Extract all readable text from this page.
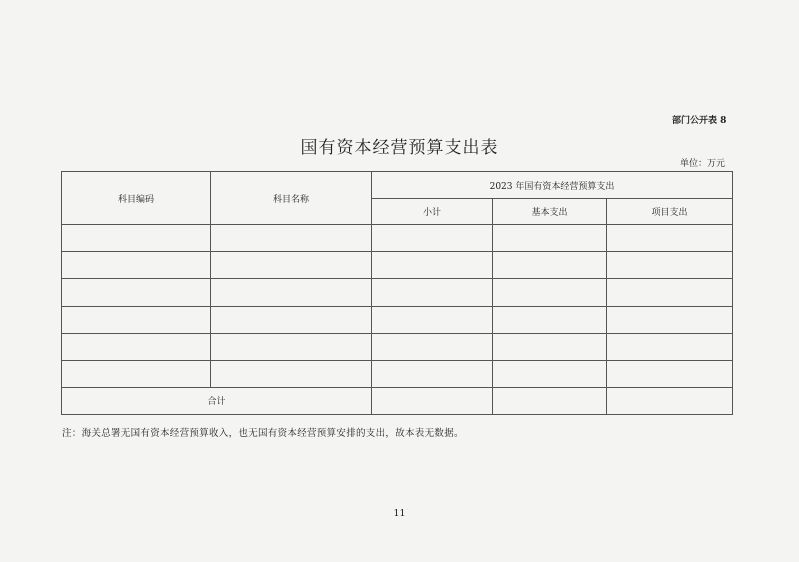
部门公开表 8
国有资本经营预算支出表
单位：万元
科目编码	科目名称	2023 年国有资本经营预算支出		
		小计	基本支出	项目支出

合计				
注：海关总署无国有资本经营预算收入，也无国有资本经营预算安排的支出，故本表无数据。
11
